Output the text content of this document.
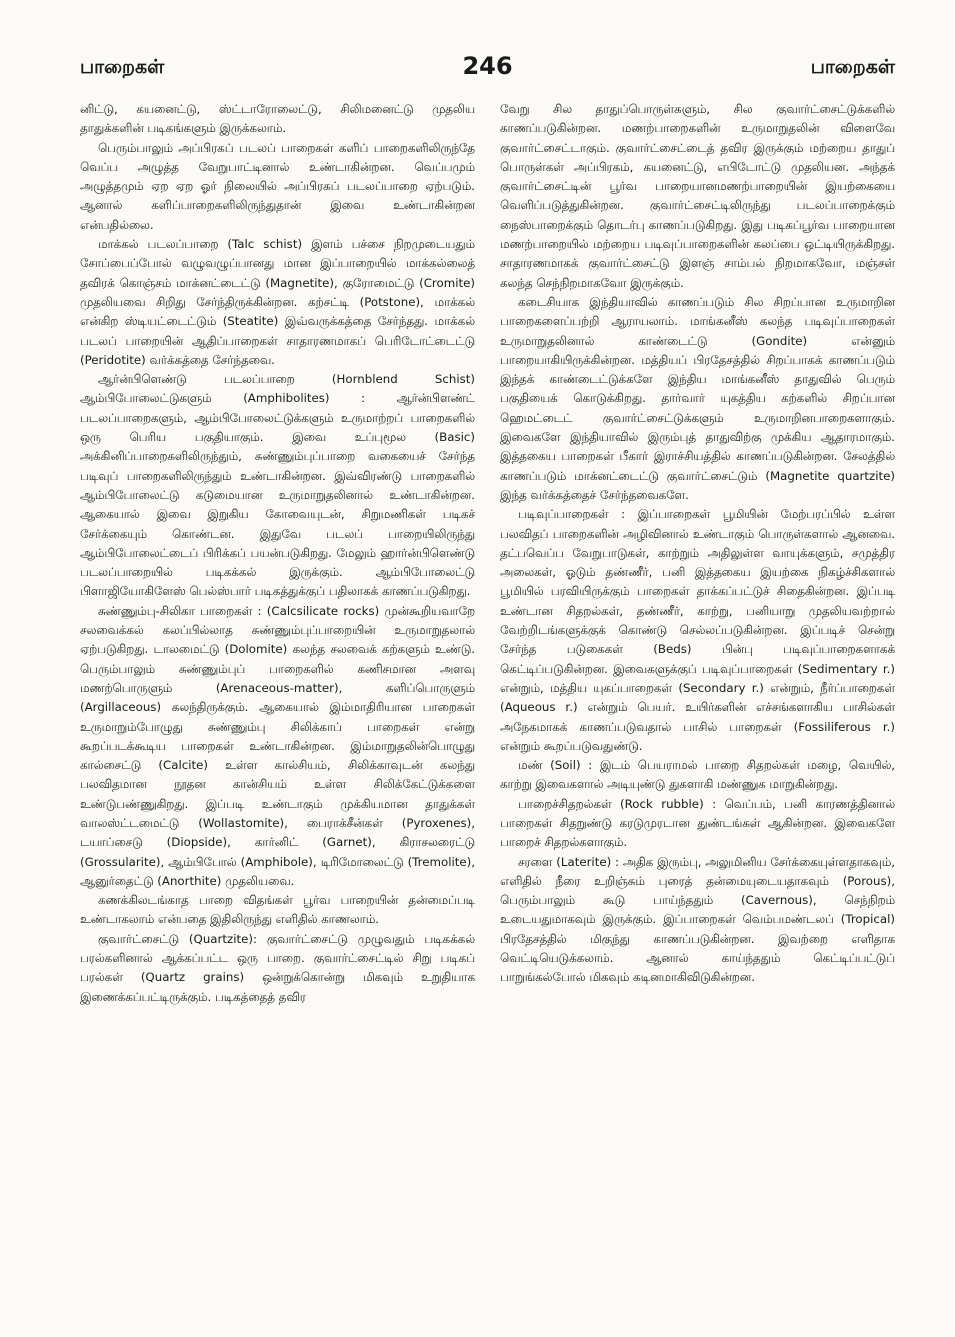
பாறைகள்	246	பாறைகள்

னிட்டு, கயனைட்டு, ஸ்ட்டாரோலைட்டு, சிலிமனைட்டு முதலிய தாதுக்களின் படிகங்களும் இருக்கலாம்.

பெரும்பாலும் அப்பிரகப் படலப் பாறைகள் களிப் பாறைகளிலிருந்தே வெப்ப அழுத்த வேறுபாட்டினால் உண்டாகின்றன. வெப்பமும் அழுத்தமும் ஏற ஏற ஓர் நிலையில் அப்பிரகப் படலப்பாறை ஏற்படும். ஆனால் களிப்பாறைகளிலிருந்துதான் இவை உண்டாகின்றன என்பதில்லை.

மாக்கல் படலப்பாறை (Talc schist) இளம் பச்சை நிறமுடையதும் சோப்பைப்போல் வழுவழுப்பானது மான இப்பாறையில் மாக்கல்லைத் தவிரக் கொஞ்சம் மாக்னட்டைட்டு (Magnetite), குரோமைட்டு (Cromite) முதலியவை சிறிது சேர்ந்திருக்கின்றன. கற்சட்டி (Potstone), மாக்கல் என்கிற ஸ்டியட்டைட்டும் (Steatite) இவ்வருக்கத்தை சேர்ந்தது. மாக்கல் படலப் பாறையின் ஆதிப்பாறைகள் சாதாரணமாகப் பெரிடோட்டைட்டு (Peridotite) வர்க்கத்தை சேர்ந்தவை.

ஆர்ன்பிளெண்டு படலப்பாறை (Hornblend Schist) ஆம்பிபோலைட்டுகளும் (Amphibolites) : ஆர்ன்பிளண்ட் படலப்பாறைகளும், ஆம்பிபோலைட்டுக்களும் உருமாற்றப் பாறைகளில் ஒரு பெரிய பகுதியாகும். இவை உப்புமூல (Basic) அக்கினிப்பாறைகளிலிருந்தும், சுண்ணும்புப்பாறை வகையைச் சேர்ந்த படிவுப் பாறைகளிலிருந்தும் உண்டாகின்றன. இவ்விரண்டு பாறைகளில் ஆம்பிபோலைட்டு கடுமையான உருமாறுதலினால் உண்டாகின்றன. ஆகையால் இவை இறுகிய கோவையுடன், சிறுமணிகள் படிகச் சேர்க்கையும் கொண்டன. இதுவே படலப் பாறையிலிருந்து ஆம்பிபோலைட்டைப் பிரிக்கப் பயன்படுகிறது. மேலும் ஹார்ன்பிளெண்டு படலப்பாறையில் படிகக்கல் இருக்கும். ஆம்பிபோலைட்டு பிளாஜியோகிளேஸ் பெல்ஸ்பார் படிகத்துக்குப் பதிலாகக் காணப்படுகிறது.

சுண்ணும்பு-சிலிகா பாறைகள் : (Calcsilicate rocks) முன்கூறியவாறே சலவைக்கல் கலப்பில்லாத சுண்ணும்புப்பாறையின் உருமாறுதலால் ஏற்படுகிறது. டாலமைட்டு (Dolomite) கலந்த சலவைக் கற்களும் உண்டு. பெரும்பாலும் சுண்ணும்புப் பாறைகளில் கணிசமான அளவு மணற்பொருளும் (Arenaceous-matter), களிப்பொருளும் (Argillaceous) கலந்திருக்கும். ஆகையால் இம்மாதிரியான பாறைகள் உருமாறும்போழுது சுண்ணும்பு சிலிக்காப் பாறைகள் என்று கூறப்படக்கூடிய பாறைகள் உண்டாகின்றன. இம்மாறுதலின்பொழுது கால்சைட்டு (Calcite) உள்ள கால்சியம், சிலிக்காவுடன் கலந்து பலவிதமான நூதன கான்சியம் உள்ள சிலிக்கேட்டுக்களை உண்டுபண்ணுகிறது. இப்படி உண்டாகும் முக்கியமான தாதுக்கள் வாலஸ்ட்டமைட்டு (Wollastomite), பைராக்சீன்கள் (Pyroxenes), டயாப்சைடு (Diopside), கார்னிட் (Garnet), கிராசலரைட்டு (Grossularite), ஆம்பிபோல் (Amphibole), டிரிமோலைட்டு (Tremolite), ஆனுர்தைட்டு (Anorthite) முதலியவை.

கணக்கிலடங்காத பாறை விதங்கள் பூர்வ பாறையின் தன்மைப்படி உண்டாகலாம் என்பதை இதிலிருந்து எளிதில் காணலாம்.

குவார்ட்சைட்டு (Quartzite): குவார்ட்சைட்டு முழுவதும் படிகக்கல் பரல்களினால் ஆக்கப்பட்ட ஒரு பாறை. குவார்ட்சைட்டில் சிறு படிகப் பரல்கள் (Quartz grains) ஒன்றுக்கொன்று மிகவும் உறுதியாக இணைக்கப்பட்டிருக்கும். படிகத்தைத் தவிர

வேறு சில தாதுப்பொருள்களும், சில குவார்ட்சைட்டுக்களில் காணப்படுகின்றன. மணற்பாறைகளின் உருமாறுதலின் விளைவே குவார்ட்சைட்டாகும். குவார்ட்சைட்டைத் தவிர இருக்கும் மற்றைய தாதுப் பொருள்கள் அப்பிரகம், கயனைட்டு, எபிடோட்டு முதலியன. அந்தக் குவார்ட்சைட்டின் பூர்வ பாறையானமணற்பாறையின் இயற்கையை வெளிப்படுத்துகின்றன. குவார்ட்சைட்டிலிருந்து படலப்பாறைக்கும் நைஸ்பாறைக்கும் தொடர்பு காணப்படுகிறது. இது படிகப்பூர்வ பாறையான மணற்பாறையில் மற்றைய படிவுப்பாறைகளின் கலப்பை ஒட்டியிருக்கிறது. சாதாரணமாகக் குவார்ட்சைட்டு இளஞ் சாம்பல் நிறமாகவோ, மஞ்சள் கலந்த செந்நிறமாகவோ இருக்கும்.

கடைசியாக இந்தியாவில் காணப்படும் சில சிறப்பான உருமாறின பாறைகளைப்பற்றி ஆராயலாம். மாங்கனீஸ் கலந்த படிவுப்பாறைகள் உருமாறுதலினால் காண்டைட்டு (Gondite) என்னும் பாறையாகியிருக்கின்றன. மத்தியப் பிரதேசத்தில் சிறப்பாகக் காணப்படும் இந்தக் காண்டைட்டுக்களே இந்திய மாங்கனீஸ் தாதுவில் பெரும் பகுதியைக் கொடுக்கிறது. தார்வார் யுகத்திய கற்களில் சிறப்பான ஹெமட்டைட் குவார்ட்சைட்டுக்களும் உருமாறினபாறைகளாகும். இவைகளே இந்தியாவில் இரும்புத் தாதுவிற்கு முக்கிய ஆதாரமாகும். இத்தகைய பாறைகள் பீகார் இராச்சியத்தில் காணப்படுகின்றன. சேலத்தில் காணப்படும் மாக்னட்டைட்டு குவார்ட்சைட்டும் (Magnetite quartzite) இந்த வர்க்கத்தைச் சேர்ந்தவைகளே.

படிவுப்பாறைகள் : இப்பாறைகள் பூமியின் மேற்பரப்பில் உள்ள பலவிதப் பாறைகளின் அழிவினால் உண்டாகும் பொருள்களால் ஆனவை. தட்பவெப்ப வேறுபாடுகள், காற்றும் அதிலுள்ள வாயுக்களும், சமுத்திர அலைகள், ஓடும் தண்ணீர், பனி இத்தகைய இயற்கை நிகழ்ச்சிகளால் பூமியில் பரவியிருக்கும் பாறைகள் தாக்கப்பட்டுச் சிதைகின்றன. இப்படி உண்டான சிதறல்கள், தண்ணீர், காற்று, பனியாறு முதலியவற்றால் வேற்றிடங்களுக்குக் கொண்டு செல்லப்படுகின்றன. இப்படிச் சென்று சேர்ந்த படுகைகள் (Beds) பின்பு படிவுப்பாறைகளாகக் கெட்டிப்படுகின்றன. இவைகளுக்குப் படிவுப்பாறைகள் (Sedimentary r.) என்றும், மத்திய யுகப்பாறைகள் (Secondary r.) என்றும், நீர்ப்பாறைகள் (Aqueous r.) என்றும் பெயர். உயிர்களின் எச்சங்களாகிய பாசில்கள் அநேகமாகக் காணப்படுவதால் பாசில் பாறைகள் (Fossiliferous r.) என்றும் கூறப்படுவதுண்டு.

மண் (Soil) : இடம் பெயராமல் பாறை சிதறல்கள் மழை, வெயில், காற்று இவைகளால் அடியுண்டு துகளாகி மண்ணுக மாறுகின்றது.

பாறைச்சிதறல்கள் (Rock rubble) : வெப்பம், பனி காரணத்தினால் பாறைகள் சிதறுண்டு கரடுமுரடான துண்டங்கள் ஆகின்றன. இவைகளே பாறைச் சிதறல்களாகும்.

சரளை (Laterite) : அதிக இரும்பு, அலுமினிய சேர்க்கையுள்ளதாகவும், எளிதில் நீரை உறிஞ்சும் புரைத் தன்மையுடையதாகவும் (Porous), பெரும்பாலும் கூடு பாய்ந்ததும் (Cavernous), செந்நிறம் உடையதுமாகவும் இருக்கும். இப்பாறைகள் வெம்பமண்டலப் (Tropical) பிரதேசத்தில் மிகுந்து காணப்படுகின்றன. இவற்றை எளிதாக வெட்டியெடுக்கலாம். ஆனால் காய்ந்ததும் கெட்டிப்பட்டுப் பாறுங்கல்போல் மிகவும் கடினமாகிவிடுகின்றன.
